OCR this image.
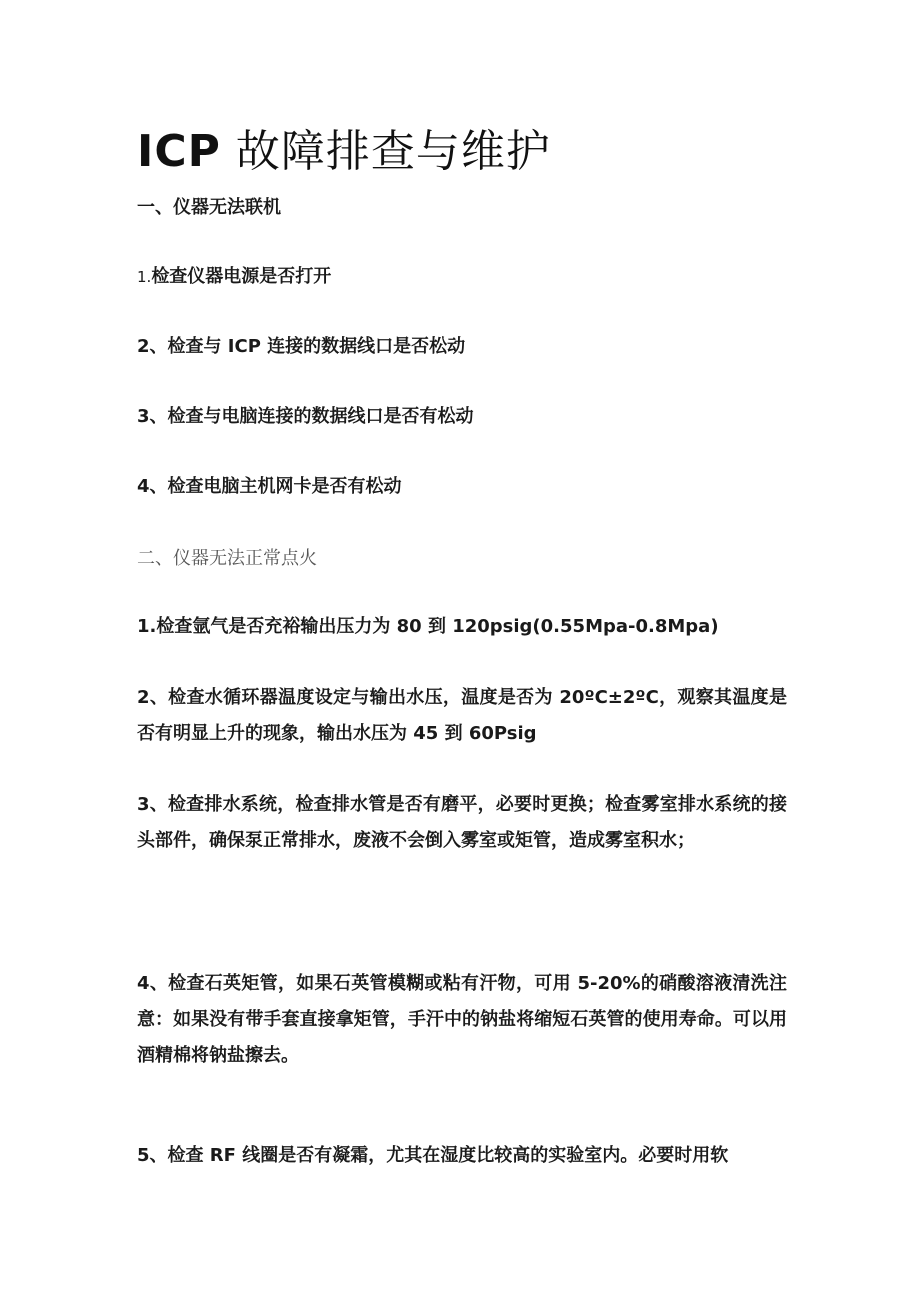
ICP 故障排查与维护

一、仪器无法联机

1.检查仪器电源是否打开

2、检查与 ICP 连接的数据线口是否松动

3、检查与电脑连接的数据线口是否有松动

4、检查电脑主机网卡是否有松动

二、仪器无法正常点火

1.检查氩气是否充裕输出压力为 80 到 120psig(0.55Mpa-0.8Mpa)

2、检查水循环器温度设定与输出水压，温度是否为 20ºC±2ºC，观察其温度是否有明显上升的现象，输出水压为 45 到 60Psig

3、检查排水系统，检查排水管是否有磨平，必要时更换；检查雾室排水系统的接头部件，确保泵正常排水，废液不会倒入雾室或矩管，造成雾室积水；

4、检查石英矩管，如果石英管模糊或粘有汗物，可用 5-20%的硝酸溶液清洗注意：如果没有带手套直接拿矩管，手汗中的钠盐将缩短石英管的使用寿命。可以用酒精棉将钠盐擦去。

5、检查 RF 线圈是否有凝霜，尤其在湿度比较高的实验室内。必要时用软
